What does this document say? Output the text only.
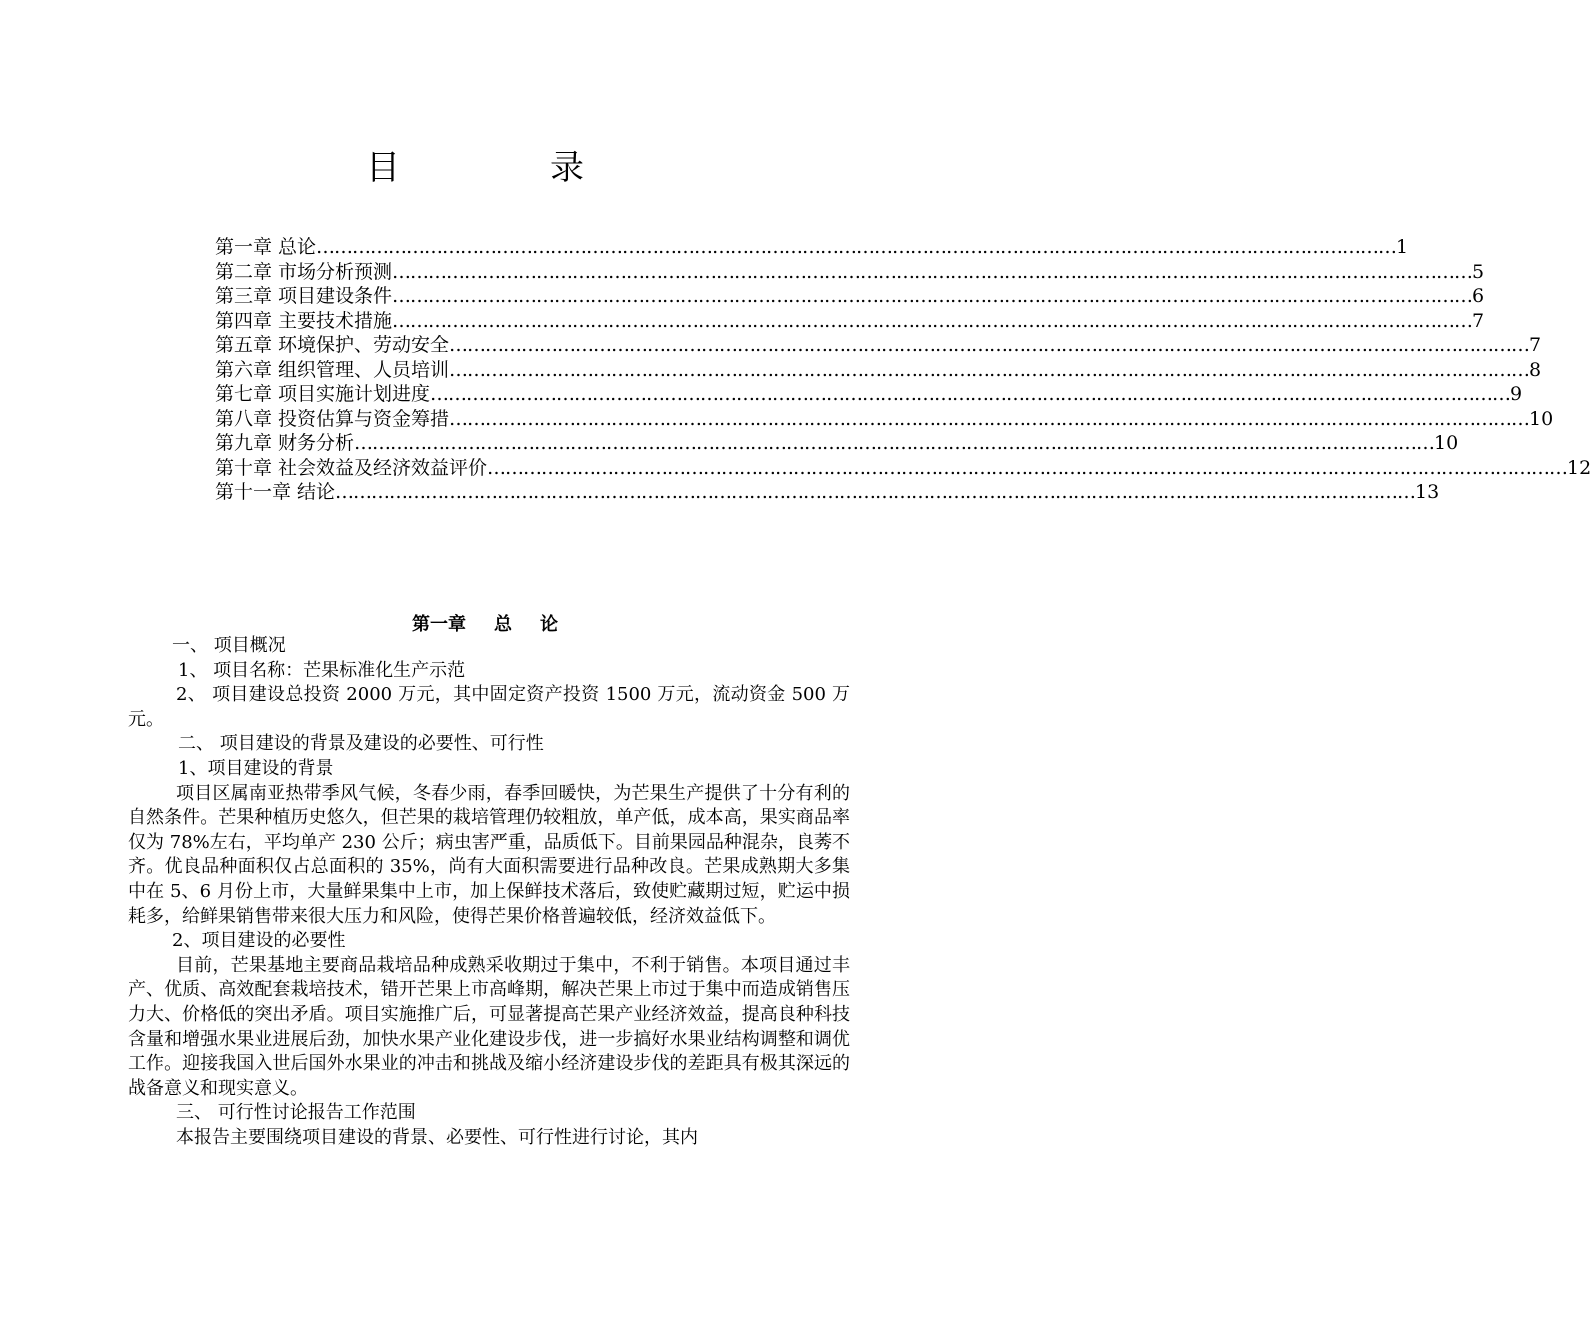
目	录
第一章 总论 ……………………………………………………………………………………………………………………………………………………………… 1
第二章 市场分析预测 ……………………………………………………………………………………………………………………………………………………………… 5
第三章 项目建设条件 ……………………………………………………………………………………………………………………………………………………………… 6
第四章 主要技术措施 ……………………………………………………………………………………………………………………………………………………………… 7
第五章 环境保护、劳动安全 ……………………………………………………………………………………………………………………………………………………………… 7
第六章 组织管理、人员培训 ……………………………………………………………………………………………………………………………………………………………… 8
第七章 项目实施计划进度 ……………………………………………………………………………………………………………………………………………………………… 9
第八章 投资估算与资金筹措 ……………………………………………………………………………………………………………………………………………………………… 10
第九章 财务分析 ……………………………………………………………………………………………………………………………………………………………… 10
第十章 社会效益及经济效益评价 ……………………………………………………………………………………………………………………………………………………………… 12
第十一章 结论 ……………………………………………………………………………………………………………………………………………………………… 13
第一章 总 论

一、 项目概况

1、 项目名称：芒果标准化生产示范

2、 项目建设总投资 2000 万元，其中固定资产投资 1500 万元，流动资金 500 万元。

二、 项目建设的背景及建设的必要性、可行性

1、项目建设的背景

项目区属南亚热带季风气候，冬春少雨，春季回暖快，为芒果生产提供了十分有利的自然条件。芒果种植历史悠久，但芒果的栽培管理仍较粗放，单产低，成本高，果实商品率仅为 78%左右，平均单产 230 公斤；病虫害严重，品质低下。目前果园品种混杂，良莠不齐。优良品种面积仅占总面积的 35%，尚有大面积需要进行品种改良。芒果成熟期大多集中在 5、6 月份上市，大量鲜果集中上市，加上保鲜技术落后，致使贮藏期过短，贮运中损耗多，给鲜果销售带来很大压力和风险，使得芒果价格普遍较低，经济效益低下。

2、项目建设的必要性

目前，芒果基地主要商品栽培品种成熟采收期过于集中，不利于销售。本项目通过丰产、优质、高效配套栽培技术，错开芒果上市高峰期，解决芒果上市过于集中而造成销售压力大、价格低的突出矛盾。项目实施推广后，可显著提高芒果产业经济效益，提高良种科技含量和增强水果业进展后劲，加快水果产业化建设步伐，进一步搞好水果业结构调整和调优工作。迎接我国入世后国外水果业的冲击和挑战及缩小经济建设步伐的差距具有极其深远的战备意义和现实意义。

三、 可行性讨论报告工作范围

本报告主要围绕项目建设的背景、必要性、可行性进行讨论，其内
